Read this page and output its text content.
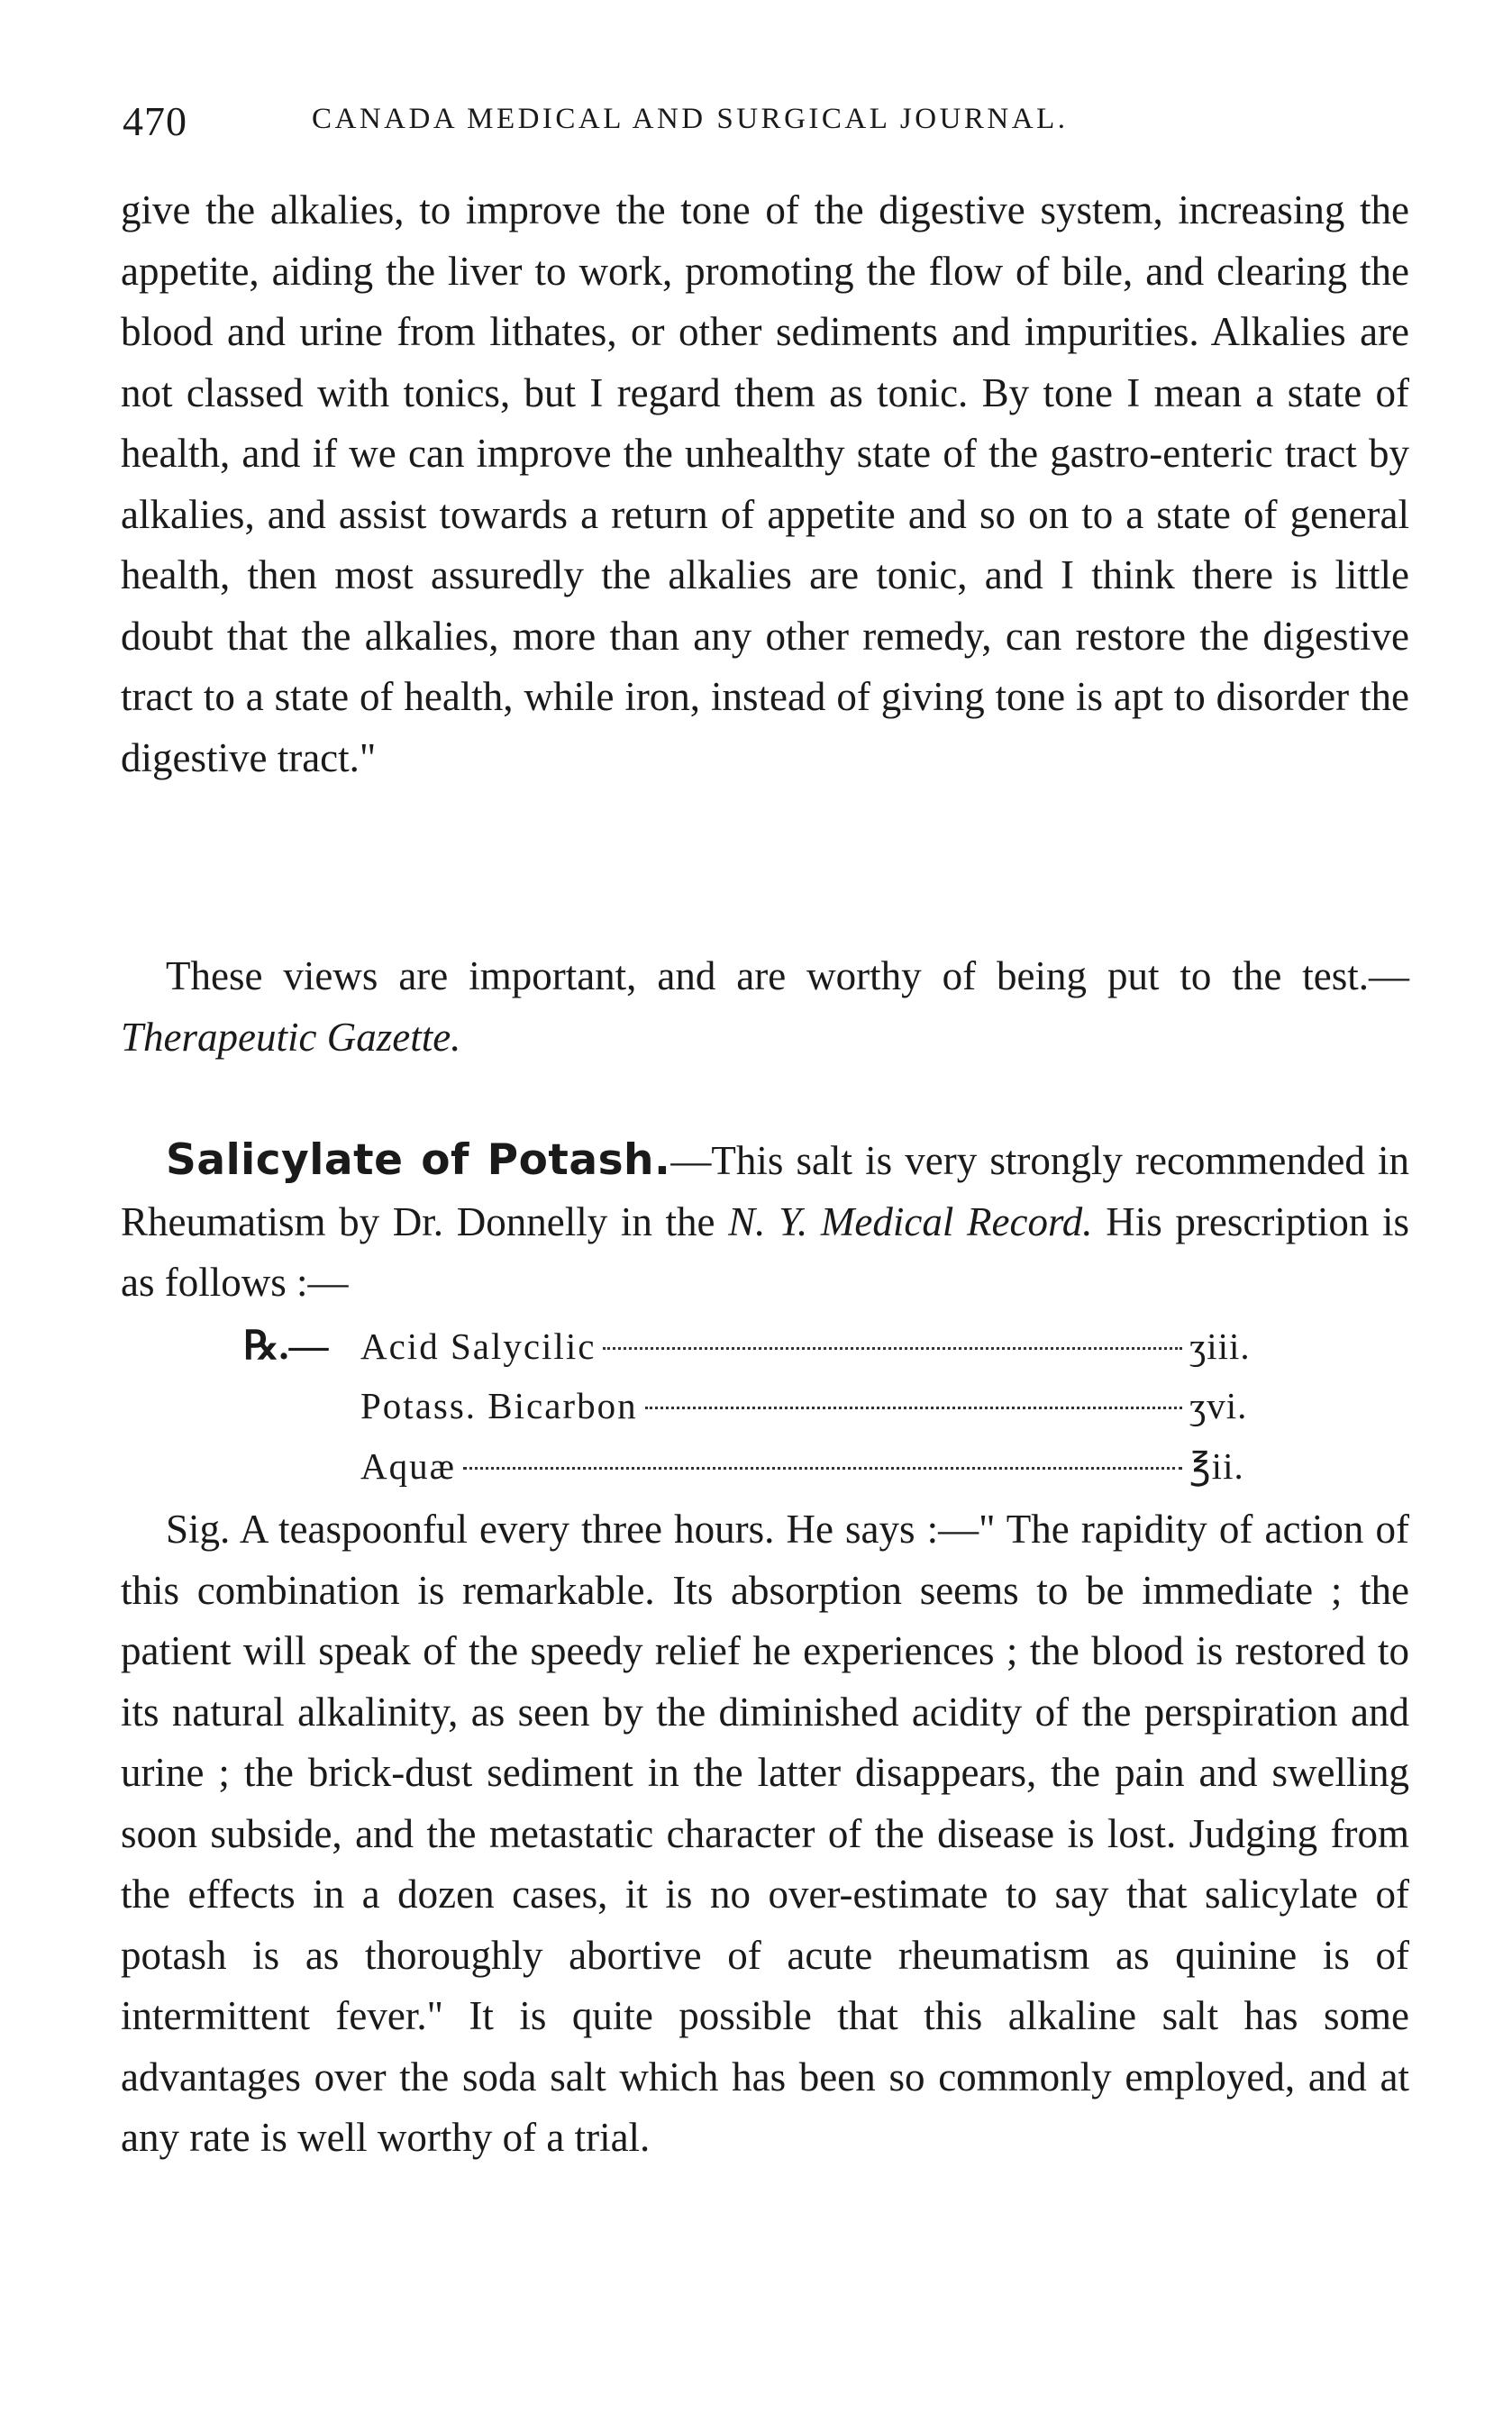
470	CANADA MEDICAL AND SURGICAL JOURNAL.

give the alkalies, to improve the tone of the digestive system, increasing the appetite, aiding the liver to work, promoting the flow of bile, and clearing the blood and urine from lithates, or other sediments and impurities. Alkalies are not classed with tonics, but I regard them as tonic. By tone I mean a state of health, and if we can improve the unhealthy state of the gastro-enteric tract by alkalies, and assist towards a return of appetite and so on to a state of general health, then most assuredly the alkalies are tonic, and I think there is little doubt that the alkalies, more than any other remedy, can restore the digestive tract to a state of health, while iron, instead of giving tone is apt to disorder the digestive tract."

These views are important, and are worthy of being put to the test.—Therapeutic Gazette.

Salicylate of Potash.—This salt is very strongly recommended in Rheumatism by Dr. Donnelly in the N. Y. Medical Record. His prescription is as follows :—

℞.— Acid Salycilic	ʒiii.
Potass. Bicarbon	ʒvi.
Aquæ	℥ii.

Sig. A teaspoonful every three hours. He says :—" The rapidity of action of this combination is remarkable. Its absorption seems to be immediate ; the patient will speak of the speedy relief he experiences ; the blood is restored to its natural alkalinity, as seen by the diminished acidity of the perspiration and urine ; the brick-dust sediment in the latter disappears, the pain and swelling soon subside, and the metastatic character of the disease is lost. Judging from the effects in a dozen cases, it is no over-estimate to say that salicylate of potash is as thoroughly abortive of acute rheumatism as quinine is of intermittent fever." It is quite possible that this alkaline salt has some advantages over the soda salt which has been so commonly employed, and at any rate is well worthy of a trial.
